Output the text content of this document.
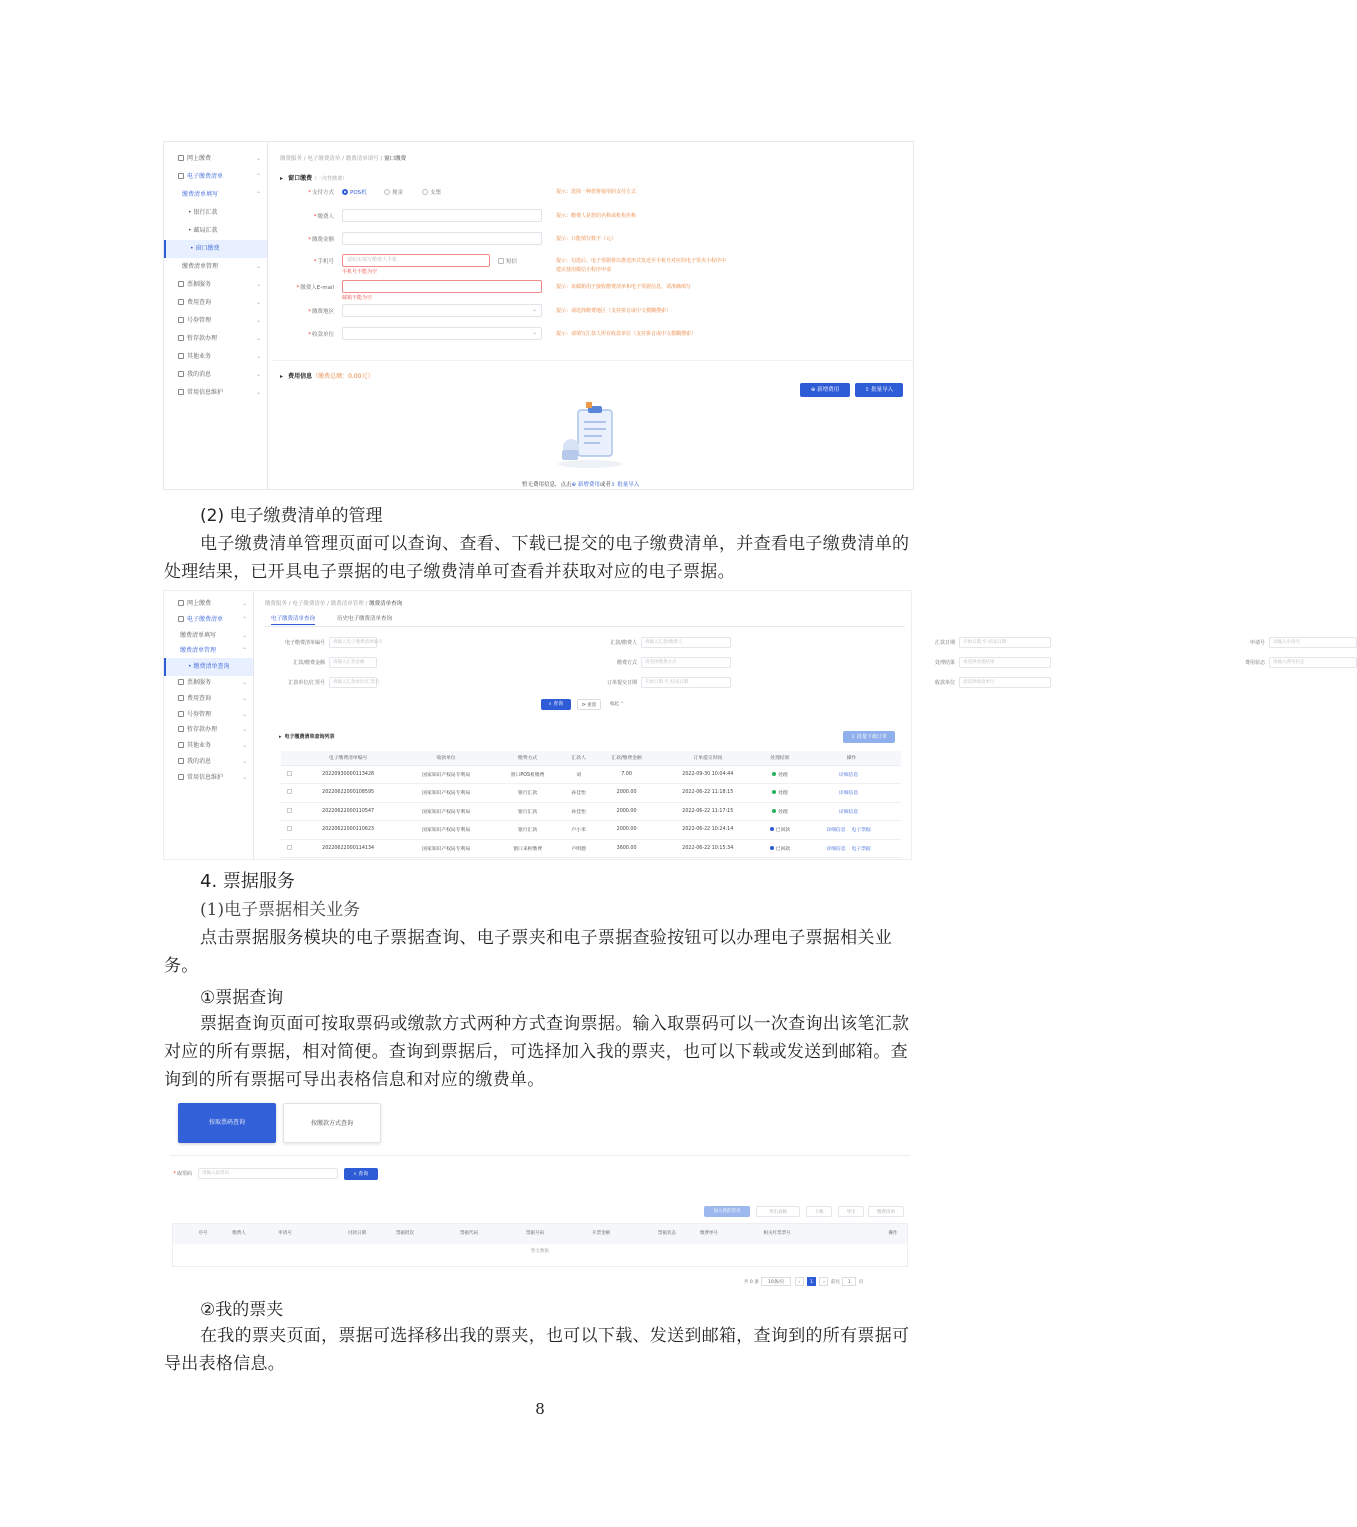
网上缴费	⌄
电子缴费清单	⌃
缴费清单填写	⌃
• 银行汇款
• 邮局汇款
• 窗口缴费
缴费清单管理	⌄
票据服务	⌄
费用查询	⌄
号券管理	⌄
暂存款办理	⌄
其他业务	⌄
我的消息	⌄
常用信息维护	⌄
缴费服务 / 电子缴费清单 / 缴费清单填写 / 窗口缴费
▸ 窗口缴费（一次性缴费）
* 支付方式	POS机	现金	支票	提示：选择一种您将使用的支付方式
* 缴费人	提示：缴费人是您的名称或机构名称
* 缴费金额	提示：只能填写数字（元）
* 手机号	请如实填写缴费人手机
手机号不能为空
提示：勾选后，电子票据将以推送形式发送至手机号对应的电子票夹小程序中
* 缴费人E-mail
邮箱不能为空
提示：该邮箱用于接收缴费清单和电子票据信息，请准确填写
* 缴费地区	⌄	提示：请选择缴费地区（支持拼音或中文模糊搜索）
* 收款单位	⌄	提示：请填写汇款人所在收款单位（支持拼音或中文模糊搜索）
短信
建议使用微信小程序申请
▸ 费用信息（缴费总额：0.00元）
⊕ 新增费用	⇪ 批量导入
暂无费用信息，点击⊕ 新增费用或者⇪ 批量导入
(2) 电子缴费清单的管理
电子缴费清单管理页面可以查询、查看、下载已提交的电子缴费清单，并查看电子缴费清单的处理结果，已开具电子票据的电子缴费清单可查看并获取对应的电子票据。
网上缴费	⌄
电子缴费清单	⌃
缴费清单填写	⌄
缴费清单管理	⌃
• 缴费清单查询
票据服务	⌄
费用查询	⌄
号券管理	⌄
暂存款办理	⌄
其他业务	⌄
我的消息	⌄
常用信息维护	⌄
缴费服务 / 电子缴费清单 / 缴费清单管理 / 缴费清单查询
电子缴费清单查询	历史电子缴费清单查询
电子缴费清单编号	请输入电子缴费清单编号	汇款/缴费人	请输入汇款/缴费人	汇款日期	开始日期 至 结束日期	申请号	请输入申请号
汇款/缴费金额	请输入汇款金额	缴费方式	请选择缴费方式	处理结果	请选择处理结果	费用状态	请输入费用状态
汇款单位/汇票号	请输入汇款单位/汇票号	订单提交日期	开始日期 至 结束日期	收款单位	请选择收款单位
⌕ 查询	⟳ 重置	收起 ⌃
▸ 电子缴费清单查询列表	⇩ 批量下载订单
	电子缴费清单编号	收款单位	缴费方式	汇款人	汇款/缴费金额	订单提交时间	处理结果	操作
	20220930000113428	国家知识产权局专利局	窗口POS机缴费	刘	7.00	2022-09-30 10:04:44	处理	详细信息
	20220622000108595	国家知识产权局专利局	银行汇款	孙佳怡	2000.00	2022-06-22 11:18:15	处理	详细信息
	20220622000110547	国家知识产权局专利局	银行汇款	孙佳怡	2000.00	2022-06-22 11:17:15	处理	详细信息
	20220622000110623	国家知识产权局专利局	银行汇款	卢小米	2000.00	2022-06-22 10:24:14	已回款	详细信息 电子票据
	20220622000114134	国家知识产权局专利局	窗口来柜缴费	卢明德	3600.00	2022-06-22 10:15:34	已回款	详细信息 电子票据
4. 票据服务
(1)电子票据相关业务
点击票据服务模块的电子票据查询、电子票夹和电子票据查验按钮可以办理电子票据相关业务。
①票据查询
票据查询页面可按取票码或缴款方式两种方式查询票据。输入取票码可以一次查询出该笔汇款对应的所有票据，相对简便。查询到票据后，可选择加入我的票夹，也可以下载或发送到邮箱。查询到的所有票据可导出表格信息和对应的缴费单。
按取票码查询	按缴款方式查询
* 取票码	请输入取票码	⌕ 查询
加入我的票夹	导出表格	下载	导出	缴费清单
序号	缴费人	申请号	付款日期	票据批次	票据代码	票据号码	开票金额	票据状态	缴费单号	相关红票票号	操作
暂无数据
共 0 条 10条/页	‹ 1 › 前往 1 页
②我的票夹
在我的票夹页面，票据可选择移出我的票夹，也可以下载、发送到邮箱，查询到的所有票据可导出表格信息。
8
